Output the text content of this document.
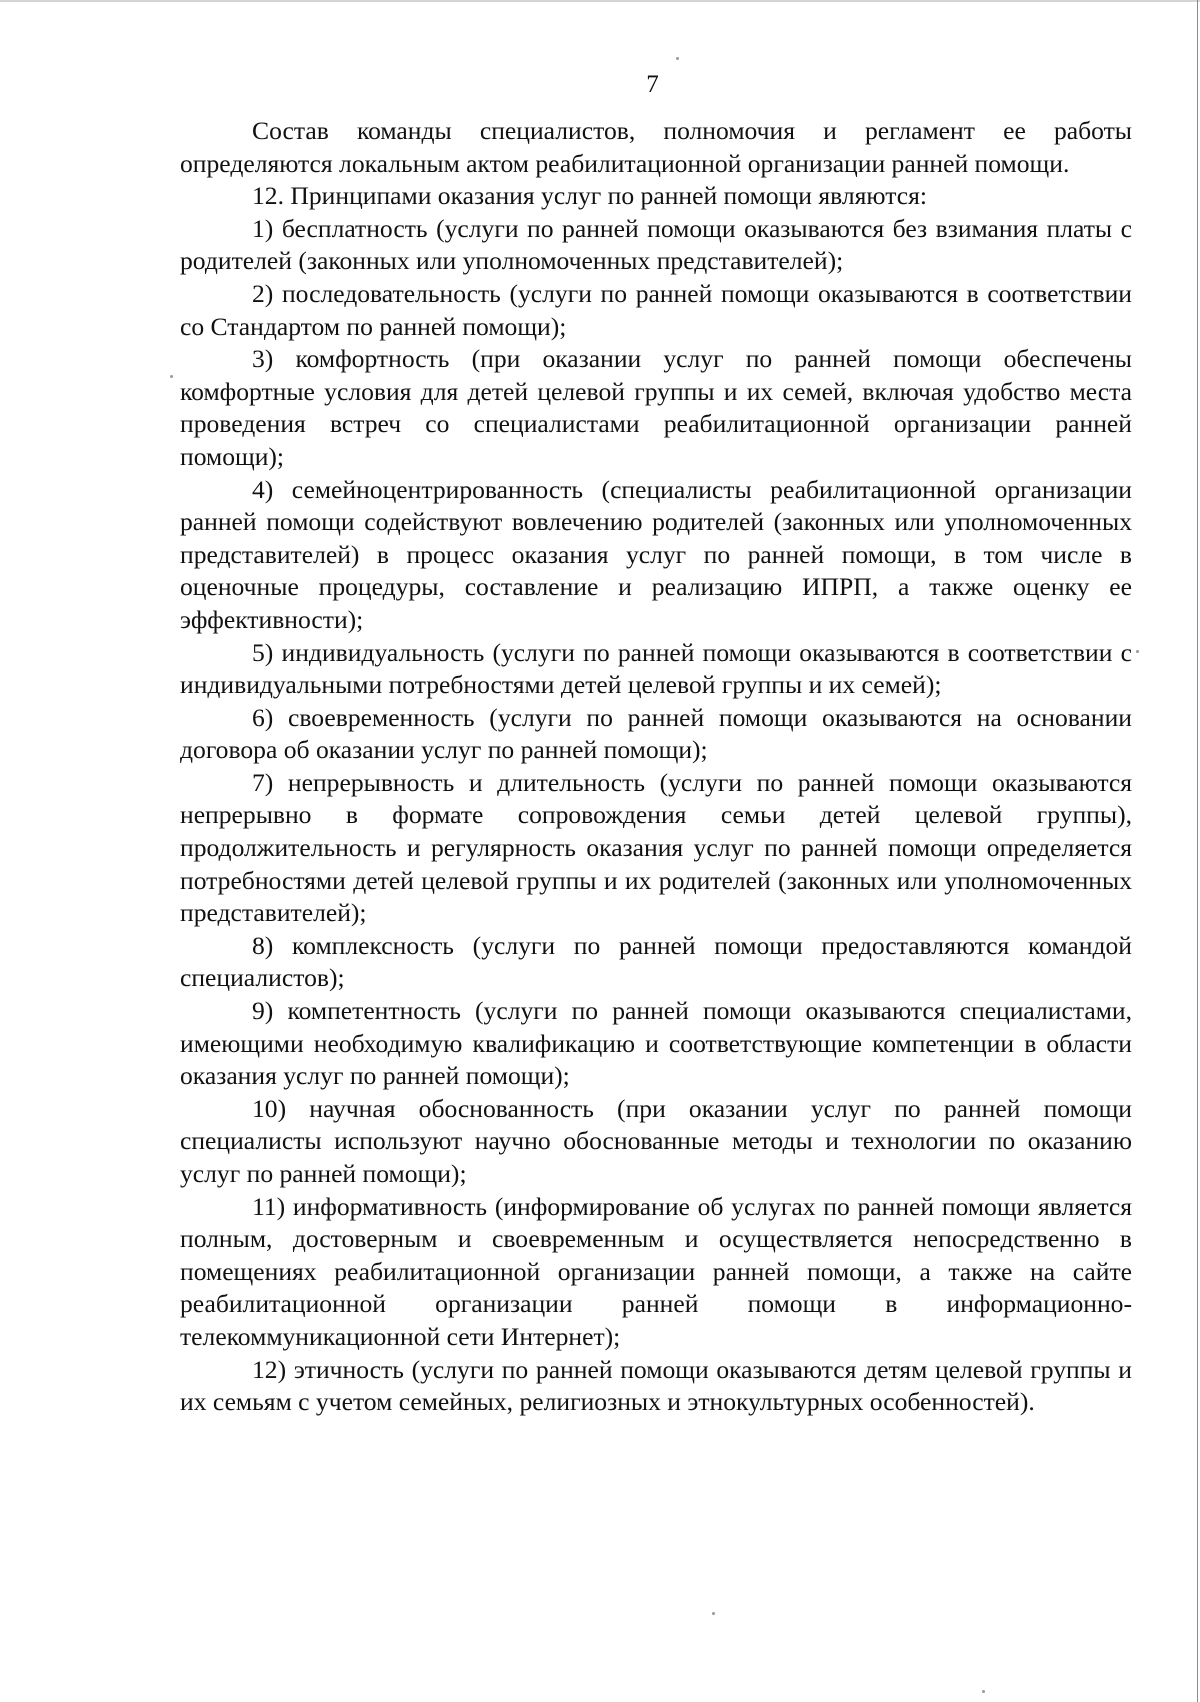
7

Состав команды специалистов, полномочия и регламент ее работы определяются локальным актом реабилитационной организации ранней помощи.

12. Принципами оказания услуг по ранней помощи являются:

1) бесплатность (услуги по ранней помощи оказываются без взимания платы с родителей (законных или уполномоченных представителей);

2) последовательность (услуги по ранней помощи оказываются в соответствии со Стандартом по ранней помощи);

3) комфортность (при оказании услуг по ранней помощи обеспечены комфортные условия для детей целевой группы и их семей, включая удобство места проведения встреч со специалистами реабилитационной организации ранней помощи);

4) семейноцентрированность (специалисты реабилитационной организации ранней помощи содействуют вовлечению родителей (законных или уполномоченных представителей) в процесс оказания услуг по ранней помощи, в том числе в оценочные процедуры, составление и реализацию ИПРП, а также оценку ее эффективности);

5) индивидуальность (услуги по ранней помощи оказываются в соответствии с индивидуальными потребностями детей целевой группы и их семей);

6) своевременность (услуги по ранней помощи оказываются на основании договора об оказании услуг по ранней помощи);

7) непрерывность и длительность (услуги по ранней помощи оказываются непрерывно в формате сопровождения семьи детей целевой группы), продолжительность и регулярность оказания услуг по ранней помощи определяется потребностями детей целевой группы и их родителей (законных или уполномоченных представителей);

8) комплексность (услуги по ранней помощи предоставляются командой специалистов);

9) компетентность (услуги по ранней помощи оказываются специалистами, имеющими необходимую квалификацию и соответствующие компетенции в области оказания услуг по ранней помощи);

10) научная обоснованность (при оказании услуг по ранней помощи специалисты используют научно обоснованные методы и технологии по оказанию услуг по ранней помощи);

11) информативность (информирование об услугах по ранней помощи является полным, достоверным и своевременным и осуществляется непосредственно в помещениях реабилитационной организации ранней помощи, а также на сайте реабилитационной организации ранней помощи в информационно-телекоммуникационной сети Интернет);

12) этичность (услуги по ранней помощи оказываются детям целевой группы и их семьям с учетом семейных, религиозных и этнокультурных особенностей).
